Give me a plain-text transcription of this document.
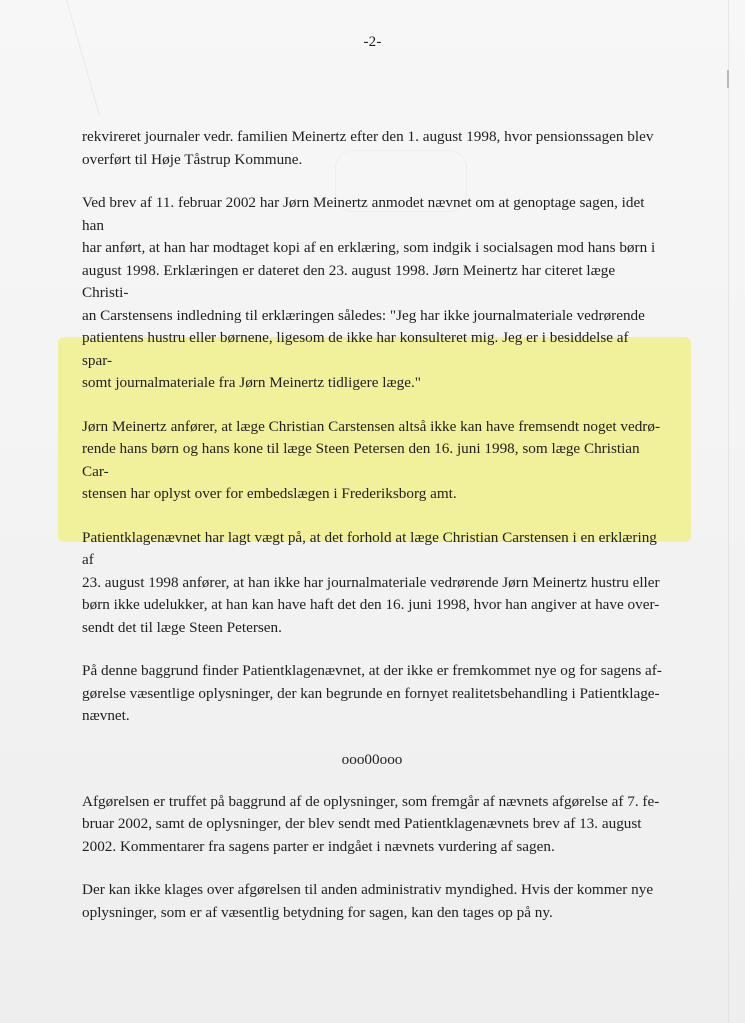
-2-
rekvireret journaler vedr. familien Meinertz efter den 1. august 1998, hvor pensionssagen blev
overført til Høje Tåstrup Kommune.
Ved brev af 11. februar 2002 har Jørn Meinertz anmodet nævnet om at genoptage sagen, idet han
har anført, at han har modtaget kopi af en erklæring, som indgik i socialsagen mod hans børn i
august 1998. Erklæringen er dateret den 23. august 1998. Jørn Meinertz har citeret læge Christi-
an Carstensens indledning til erklæringen således: "Jeg har ikke journalmateriale vedrørende
patientens hustru eller børnene, ligesom de ikke har konsulteret mig. Jeg er i besiddelse af spar-
somt journalmateriale fra Jørn Meinertz tidligere læge."
Jørn Meinertz anfører, at læge Christian Carstensen altså ikke kan have fremsendt noget vedrø-
rende hans børn og hans kone til læge Steen Petersen den 16. juni 1998, som læge Christian Car-
stensen har oplyst over for embedslægen i Frederiksborg amt.
Patientklagenævnet har lagt vægt på, at det forhold at læge Christian Carstensen i en erklæring af
23. august 1998 anfører, at han ikke har journalmateriale vedrørende Jørn Meinertz hustru eller
børn ikke udelukker, at han kan have haft det den 16. juni 1998, hvor han angiver at have over-
sendt det til læge Steen Petersen.
På denne baggrund finder Patientklagenævnet, at der ikke er fremkommet nye og for sagens af-
gørelse væsentlige oplysninger, der kan begrunde en fornyet realitetsbehandling i Patientklage-
nævnet.
ooo00ooo
Afgørelsen er truffet på baggrund af de oplysninger, som fremgår af nævnets afgørelse af 7. fe-
bruar 2002, samt de oplysninger, der blev sendt med Patientklagenævnets brev af 13. august
2002. Kommentarer fra sagens parter er indgået i nævnets vurdering af sagen.
Der kan ikke klages over afgørelsen til anden administrativ myndighed. Hvis der kommer nye
oplysninger, som er af væsentlig betydning for sagen, kan den tages op på ny.
